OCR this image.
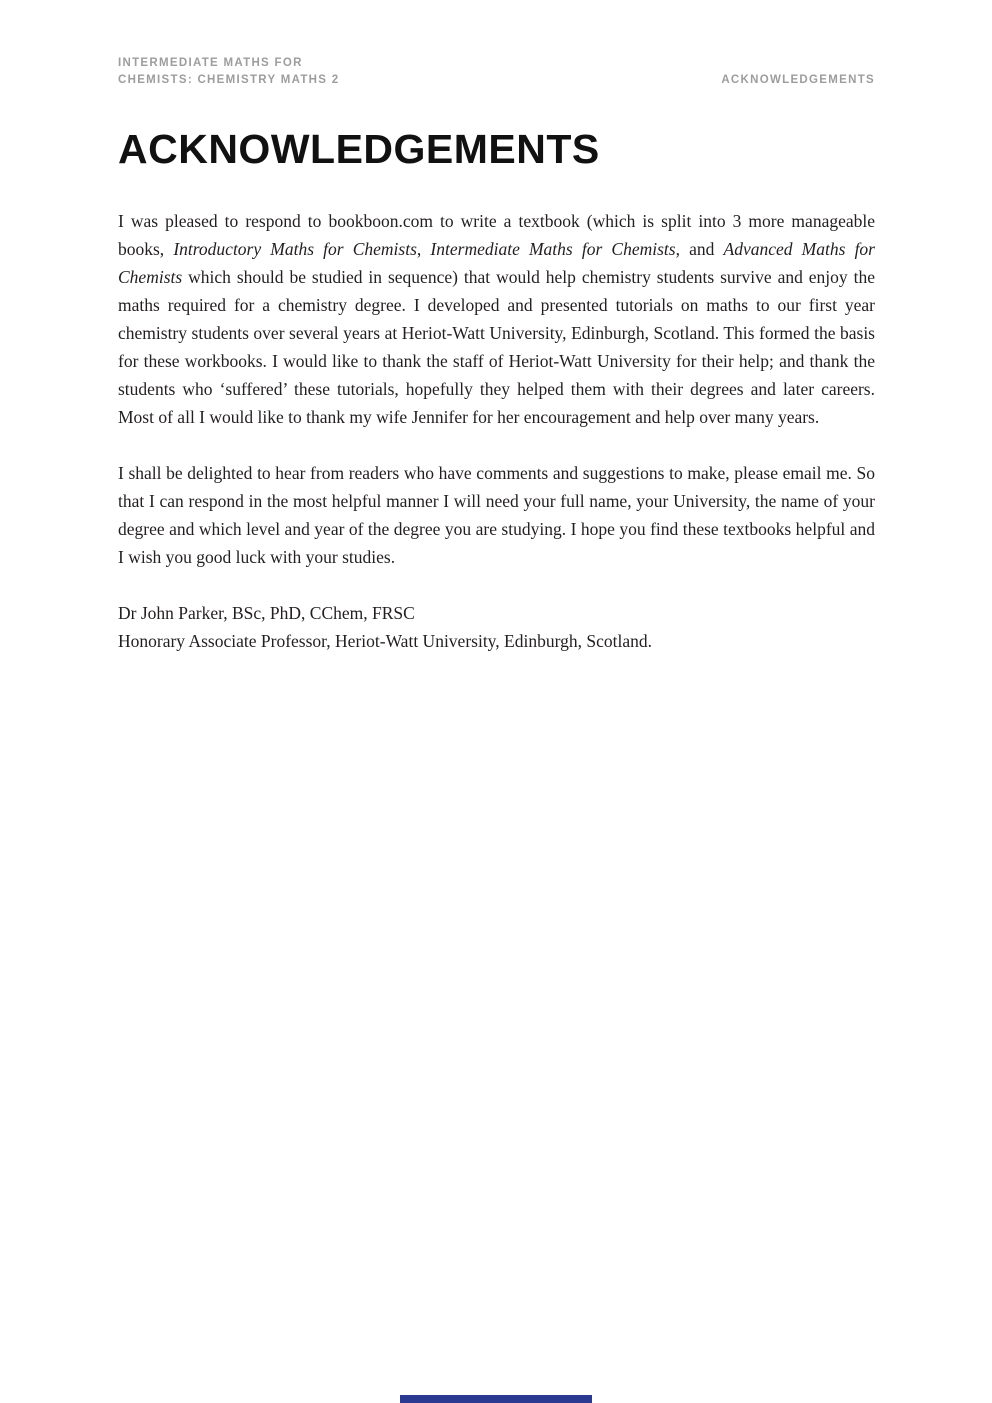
INTERMEDIATE MATHS FOR
CHEMISTS: CHEMISTRY MATHS 2	ACKNOWLEDGEMENTS
ACKNOWLEDGEMENTS

I was pleased to respond to bookboon.com to write a textbook (which is split into 3 more manageable books, Introductory Maths for Chemists, Intermediate Maths for Chemists, and Advanced Maths for Chemists which should be studied in sequence) that would help chemistry students survive and enjoy the maths required for a chemistry degree. I developed and presented tutorials on maths to our first year chemistry students over several years at Heriot-Watt University, Edinburgh, Scotland. This formed the basis for these workbooks. I would like to thank the staff of Heriot-Watt University for their help; and thank the students who ‘suffered’ these tutorials, hopefully they helped them with their degrees and later careers. Most of all I would like to thank my wife Jennifer for her encouragement and help over many years.

I shall be delighted to hear from readers who have comments and suggestions to make, please email me. So that I can respond in the most helpful manner I will need your full name, your University, the name of your degree and which level and year of the degree you are studying. I hope you find these textbooks helpful and I wish you good luck with your studies.

Dr John Parker, BSc, PhD, CChem, FRSC

Honorary Associate Professor, Heriot-Watt University, Edinburgh, Scotland.
